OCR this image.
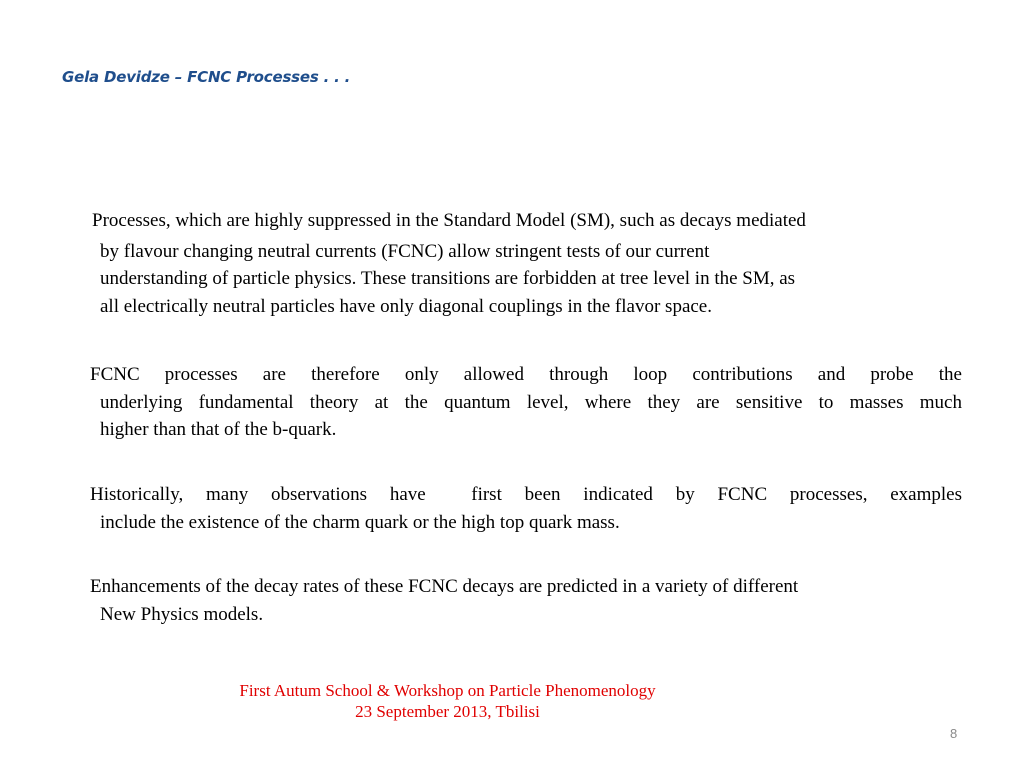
Gela Devidze – FCNC Processes . . .
Processes, which are highly suppressed in the Standard Model (SM), such as decays mediated
by flavour changing neutral currents (FCNC) allow stringent tests of our current
understanding of particle physics. These transitions are forbidden at tree level in the SM, as
all electrically neutral particles have only diagonal couplings in the flavor space.
FCNC processes are therefore only allowed through loop contributions and probe the
underlying fundamental theory at the quantum level, where they are sensitive to masses much
higher than that of the b-quark.
Historically, many observations have  first been indicated by FCNC processes, examples
include the existence of the charm quark or the high top quark mass.
Enhancements of the decay rates of these FCNC decays are predicted in a variety of different
New Physics models.
First Autum School & Workshop on Particle Phenomenology
23 September 2013, Tbilisi
8
